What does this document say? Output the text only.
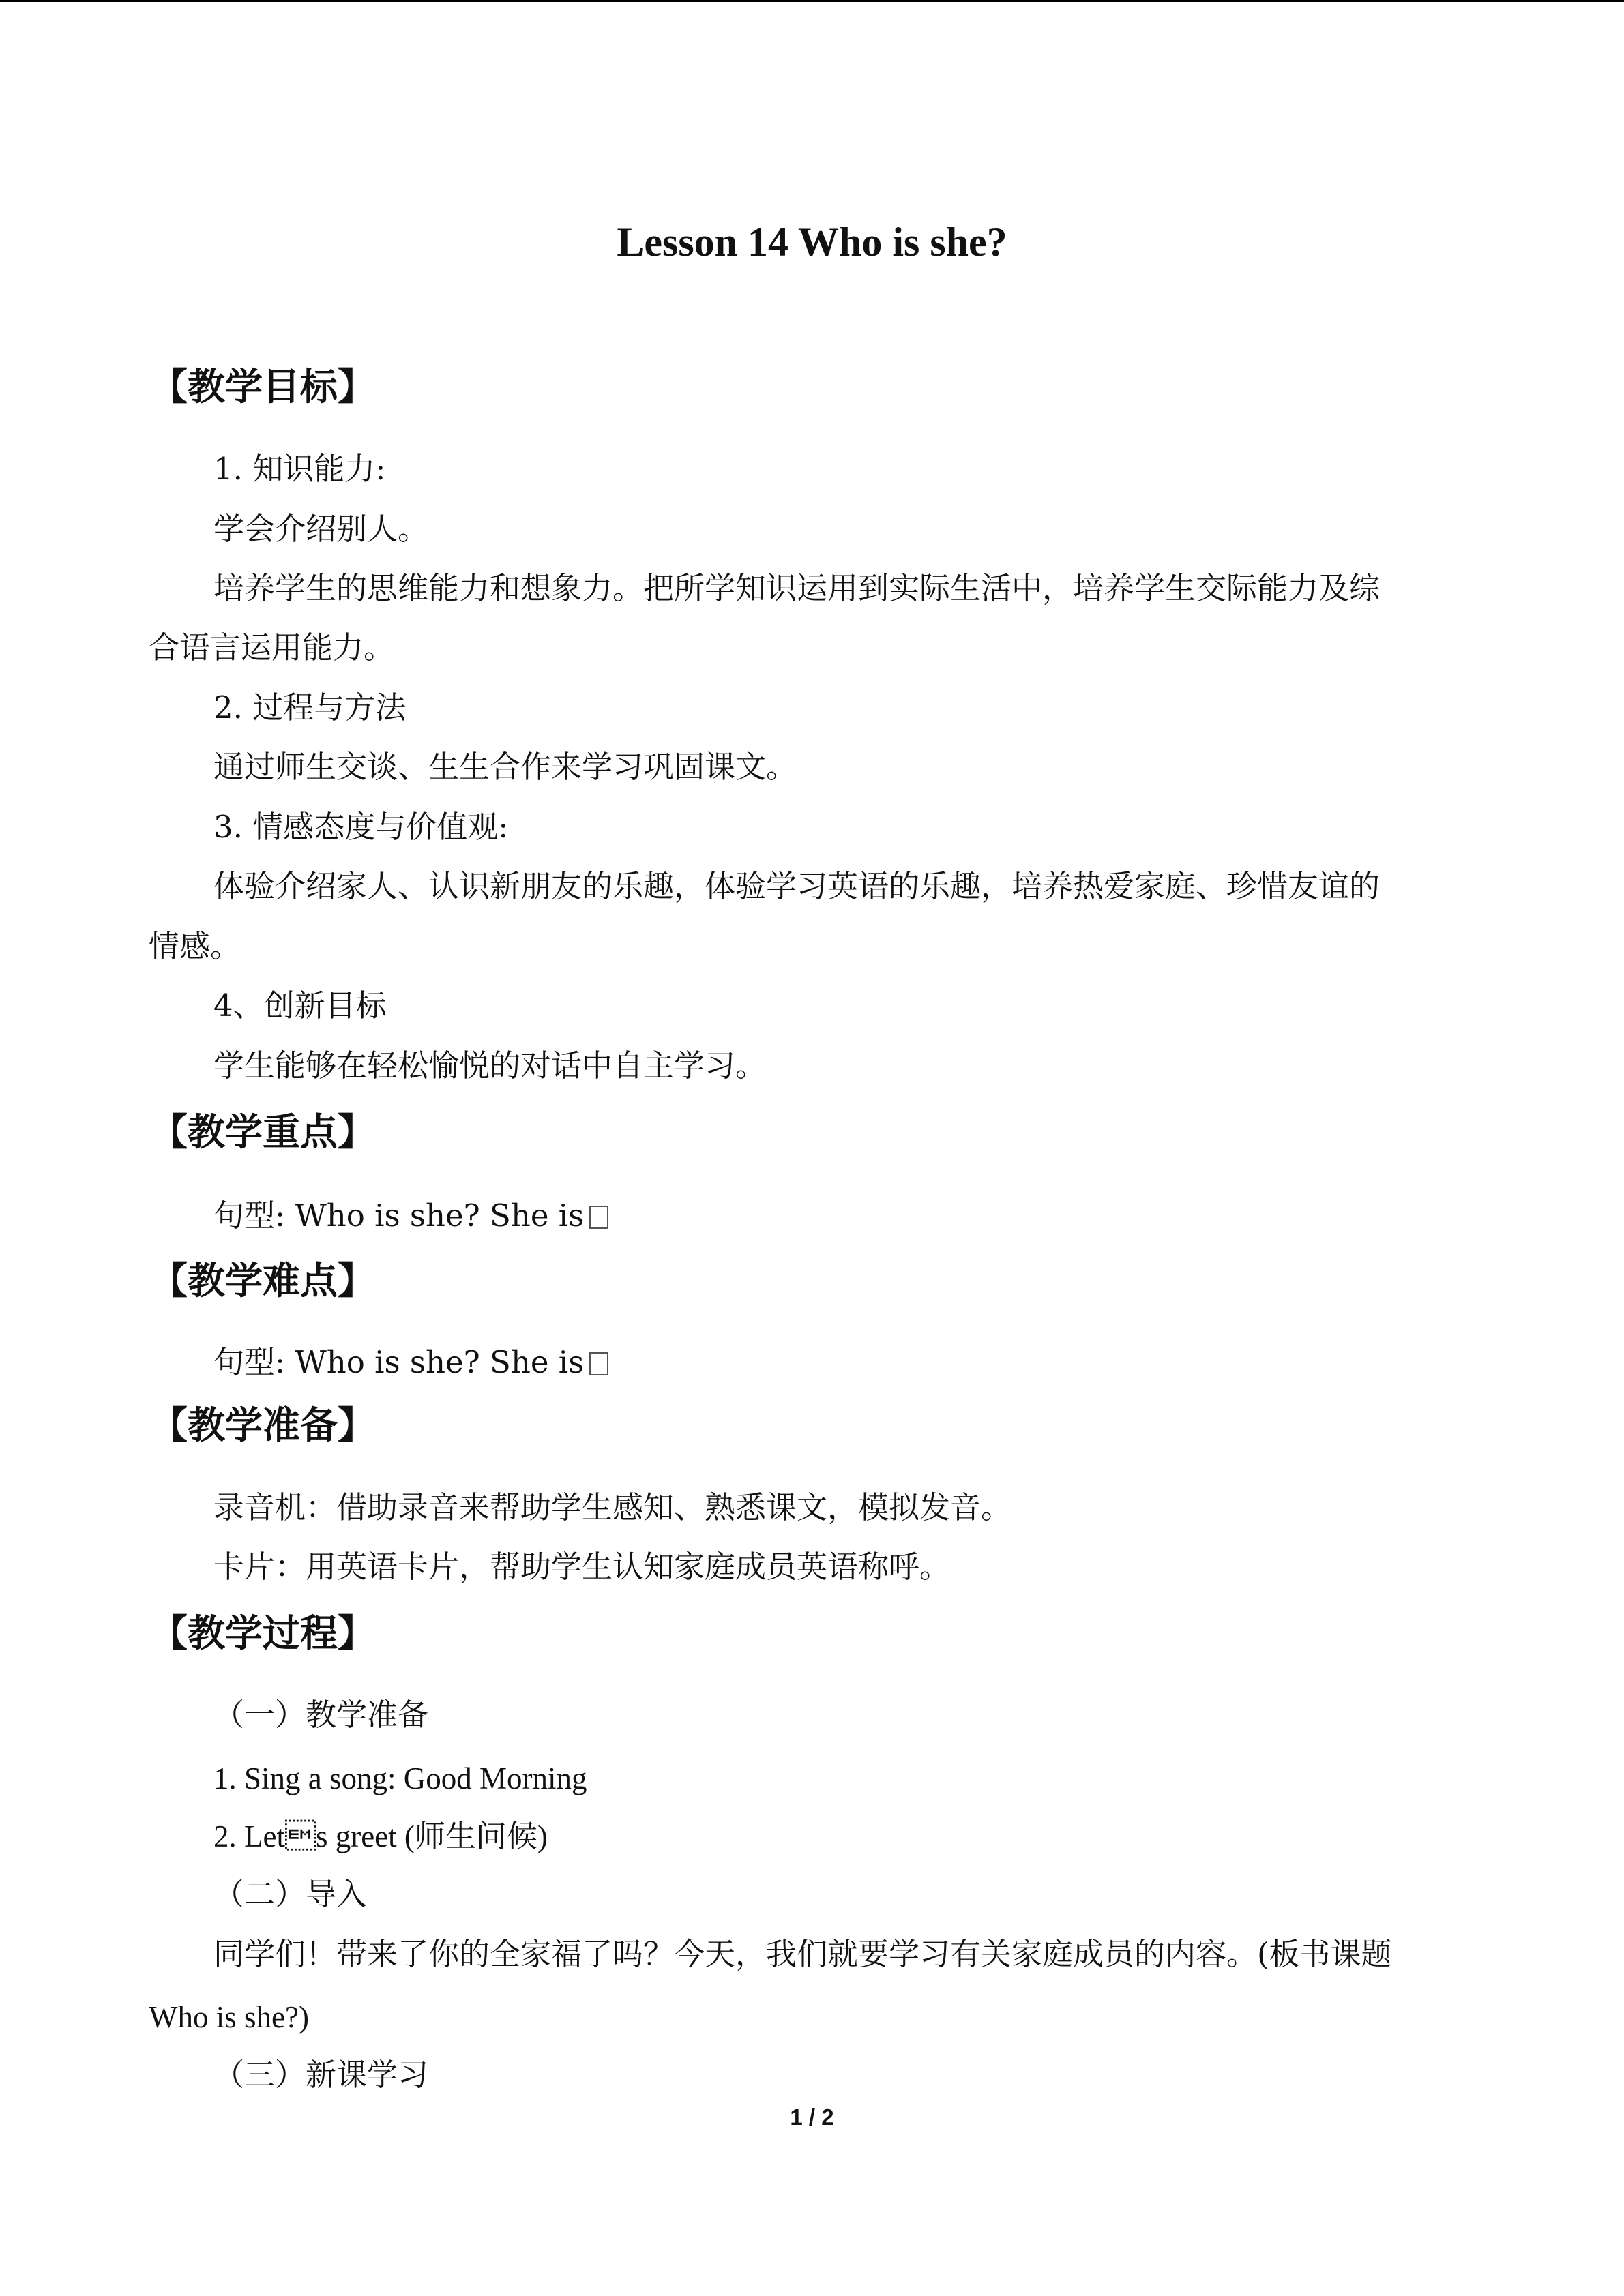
Lesson 14 Who is she?
【教学目标】
1. 知识能力:
学会介绍别人。
培养学生的思维能力和想象力。把所学知识运用到实际生活中，培养学生交际能力及综
合语言运用能力。
2. 过程与方法
通过师生交谈、生生合作来学习巩固课文。
3. 情感态度与价值观:
体验介绍家人、认识新朋友的乐趣，体验学习英语的乐趣，培养热爱家庭、珍惜友谊的
情感。
4、创新目标
学生能够在轻松愉悦的对话中自主学习。
【教学重点】
句型: Who is she? She is
【教学难点】
句型: Who is she? She is
【教学准备】
录音机：借助录音来帮助学生感知、熟悉课文，模拟发音。
卡片：用英语卡片，帮助学生认知家庭成员英语称呼。
【教学过程】
（一）教学准备
1. Sing a song: Good Morning
2. Lets greet (师生问候)
（二）导入
同学们！带来了你的全家福了吗？今天，我们就要学习有关家庭成员的内容。(板书课题
Who is she?)
（三）新课学习
1 / 2
